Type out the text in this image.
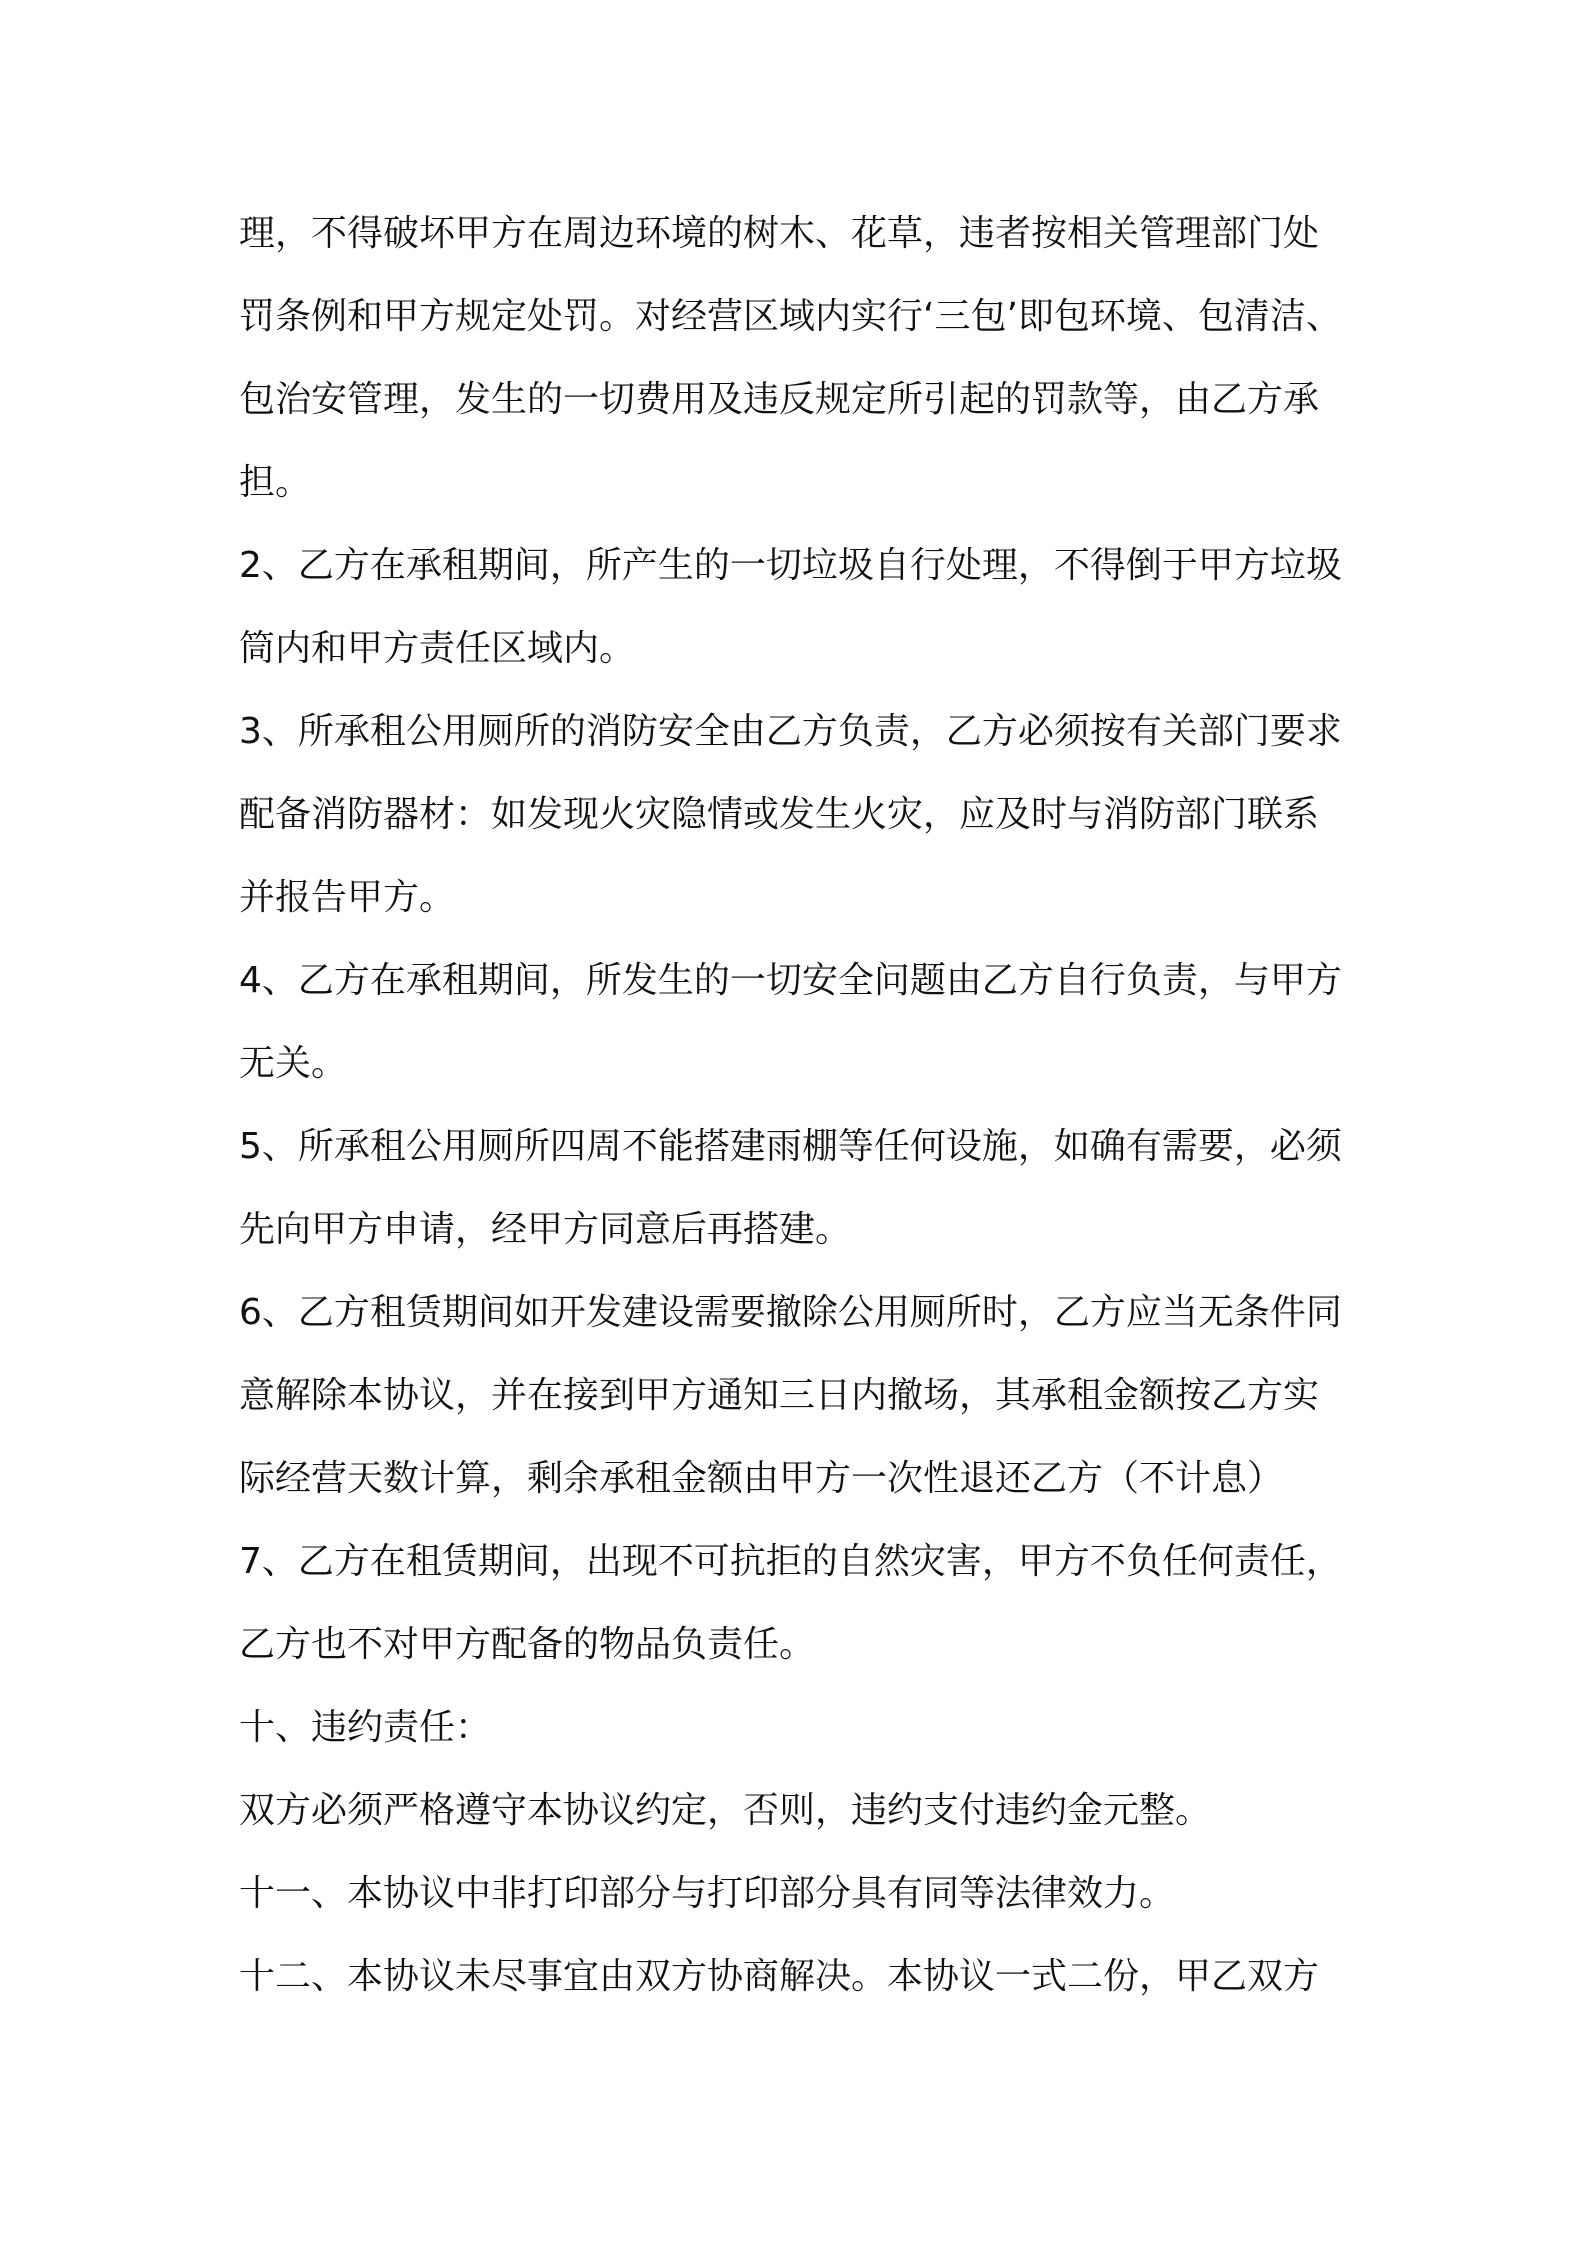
理，不得破坏甲方在周边环境的树木、花草，违者按相关管理部门处罚条例和甲方规定处罚。对经营区域内实行‘三包’即包环境、包清洁、包治安管理，发生的一切费用及违反规定所引起的罚款等，由乙方承担。

2、乙方在承租期间，所产生的一切垃圾自行处理，不得倒于甲方垃圾筒内和甲方责任区域内。

3、所承租公用厕所的消防安全由乙方负责，乙方必须按有关部门要求配备消防器材：如发现火灾隐情或发生火灾，应及时与消防部门联系并报告甲方。

4、乙方在承租期间，所发生的一切安全问题由乙方自行负责，与甲方无关。

5、所承租公用厕所四周不能搭建雨棚等任何设施，如确有需要，必须先向甲方申请，经甲方同意后再搭建。

6、乙方租赁期间如开发建设需要撤除公用厕所时，乙方应当无条件同意解除本协议，并在接到甲方通知三日内撤场，其承租金额按乙方实际经营天数计算，剩余承租金额由甲方一次性退还乙方（不计息）

7、乙方在租赁期间，出现不可抗拒的自然灾害，甲方不负任何责任，乙方也不对甲方配备的物品负责任。

十、违约责任：

双方必须严格遵守本协议约定，否则，违约支付违约金元整。

十一、本协议中非打印部分与打印部分具有同等法律效力。

十二、本协议未尽事宜由双方协商解决。本协议一式二份，甲乙双方
